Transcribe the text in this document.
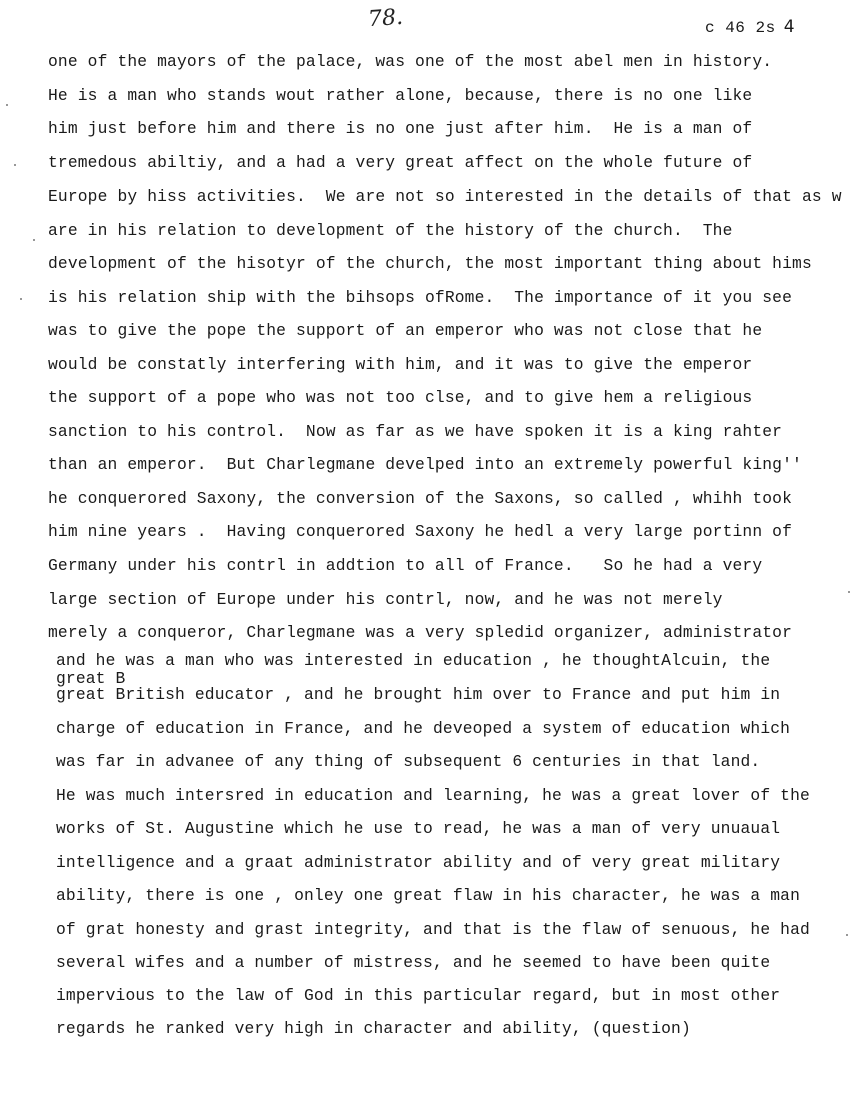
78.	c 46 2s 4
one of the mayors of the palace, was one of the most abel men in history.
He is a man who stands wout rather alone, because, there is no one like
him just before him and there is no one just after him.  He is a man of
tremedous abiltiy, and a had a very great affect on the whole future of
Europe by hiss activities.  We are not so interested in the details of that as w
are in his relation to development of the history of the church.  The
development of the hisotyr of the church, the most important thing about hims
is his relation ship with the bihsops ofRome.  The importance of it you see
was to give the pope the support of an emperor who was not close that he
would be constatly interfering with him, and it was to give the emperor
the support of a pope who was not too clse, and to give hem a religious
sanction to his control.  Now as far as we have spoken it is a king rahter
than an emperor.  But Charlegmane develped into an extremely powerful king''
he conquerored Saxony, the conversion of the Saxons, so called , whihh took
him nine years .  Having conquerored Saxony he hedl a very large portinn of
Germany under his contrl in addtion to all of France.   So he had a very
large section of Europe under his contrl, now, and he was not merely
merely a conqueror, Charlegmane was a very spledid organizer, administrator
and he was a man who was interested in education , he thoughtAlcuin, the
great B
great British educator , and he brought him over to France and put him in
charge of education in France, and he deveoped a system of education which
was far in advanee of any thing of subsequent 6 centuries in that land.
He was much intersred in education and learning, he was a great lover of the
works of St. Augustine which he use to read, he was a man of very unuaual
intelligence and a graat administrator ability and of very great military
ability, there is one , onley one great flaw in his character, he was a man
of grat honesty and grast integrity, and that is the flaw of senuous, he had
several wifes and a number of mistress, and he seemed to have been quite
impervious to the law of God in this particular regard, but in most other
regards he ranked very high in character and ability, (question)
